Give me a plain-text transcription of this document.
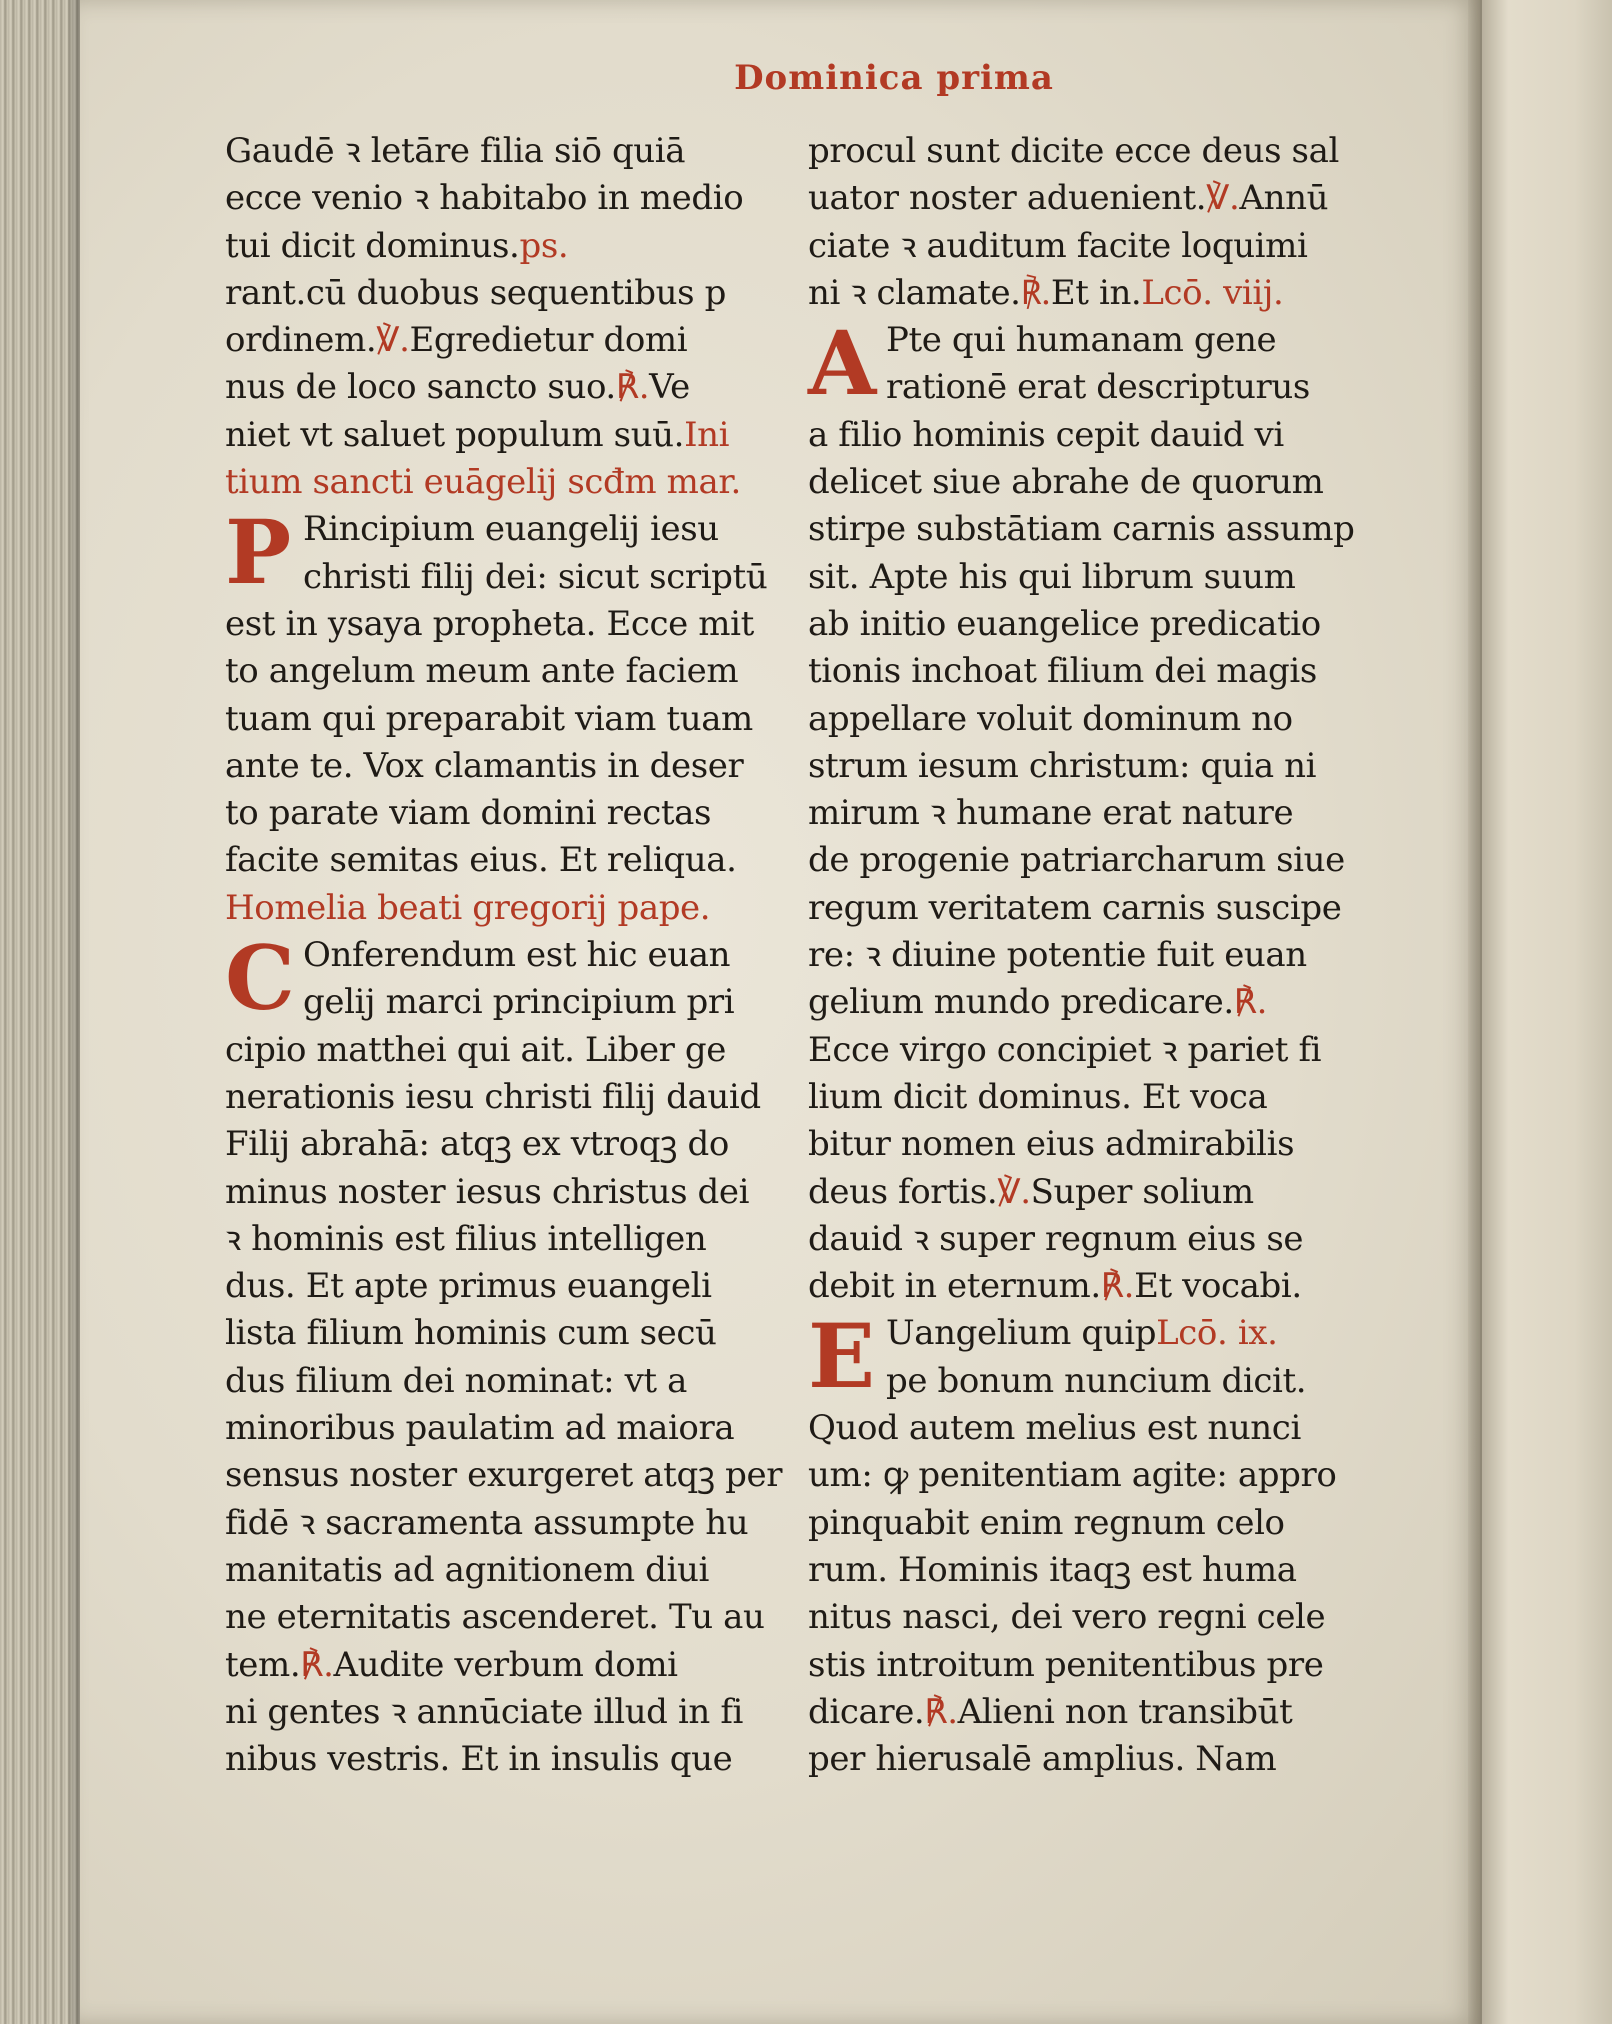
Dominica prima
Gaudē ꝛ letāre filia siō quiā
ecce venio ꝛ habitabo in medio
tui dicit dominus.ps.
rant.cū duobus sequentibus p
ordinem.℣.Egredietur domi
nus de loco sancto suo.℟.Ve
niet vt saluet populum suū.Ini
tium sancti euāgelij scđm mar.
P Rincipium euangelij iesu
christi filij dei: sicut scriptū
est in ysaya propheta. Ecce mit
to angelum meum ante faciem
tuam qui preparabit viam tuam
ante te. Vox clamantis in deser
to parate viam domini rectas
facite semitas eius. Et reliqua.
Homelia beati gregorij pape.
C Onferendum est hic euan
gelij marci principium pri
cipio matthei qui ait. Liber ge
nerationis iesu christi filij dauid
Filij abrahā: atqꝫ ex vtroqꝫ do
minus noster iesus christus dei
ꝛ hominis est filius intelligen
dus. Et apte primus euangeli
lista filium hominis cum secū
dus filium dei nominat: vt a
minoribus paulatim ad maiora
sensus noster exurgeret atqꝫ per
fidē ꝛ sacramenta assumpte hu
manitatis ad agnitionem diui
ne eternitatis ascenderet. Tu au
tem.℟.Audite verbum domi
ni gentes ꝛ annūciate illud in fi
nibus vestris. Et in insulis que
procul sunt dicite ecce deus sal
uator noster aduenient.℣.Annū
ciate ꝛ auditum facite loquimi
ni ꝛ clamate.℟.Et in.Lcō. viij.
A Pte qui humanam gene
rationē erat descripturus
a filio hominis cepit dauid vi
delicet siue abrahe de quorum
stirpe substātiam carnis assump
sit. Apte his qui librum suum
ab initio euangelice predicatio
tionis inchoat filium dei magis
appellare voluit dominum no
strum iesum christum: quia ni
mirum ꝛ humane erat nature
de progenie patriarcharum siue
regum veritatem carnis suscipe
re: ꝛ diuine potentie fuit euan
gelium mundo predicare.℟.
Ecce virgo concipiet ꝛ pariet fi
lium dicit dominus. Et voca
bitur nomen eius admirabilis
deus fortis.℣.Super solium
dauid ꝛ super regnum eius se
debit in eternum.℟.Et vocabi.
E Uangelium quipLcō. ix.
pe bonum nuncium dicit.
Quod autem melius est nunci
um: ꝙ penitentiam agite: appro
pinquabit enim regnum celo
rum. Hominis itaqꝫ est huma
nitus nasci, dei vero regni cele
stis introitum penitentibus pre
dicare.℟.Alieni non transibūt
per hierusalē amplius. Nam
